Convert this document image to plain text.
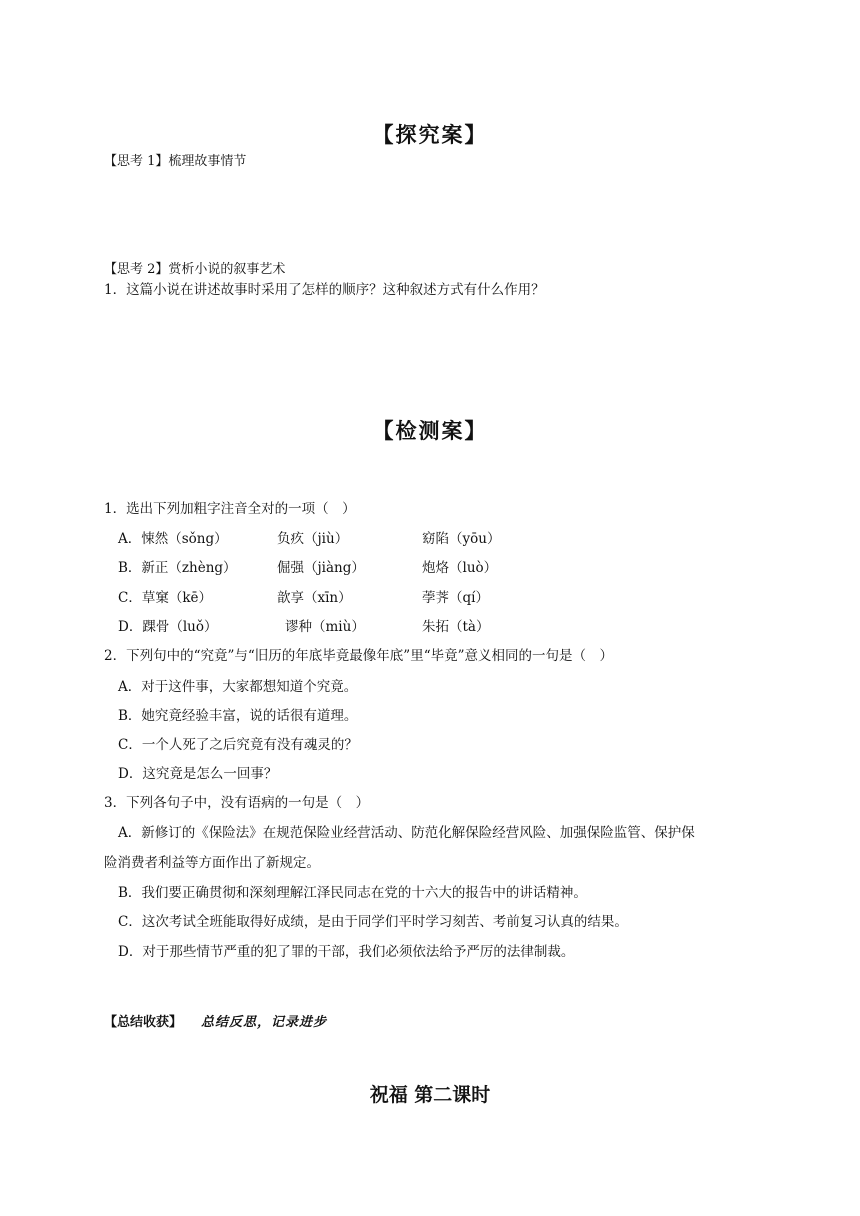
【探究案】
【思考 1】梳理故事情节
【思考 2】赏析小说的叙事艺术
1．这篇小说在讲述故事时采用了怎样的顺序？这种叙述方式有什么作用？
【检测案】
1．选出下列加粗字注音全对的一项（　）
A．悚然（sǒng）	负疚（jiù）	窈陷（yōu）
B．新正（zhèng）	倔强（jiàng）	炮烙（luò）
C．草窠（kē）	歆享（xīn）	荸荠（qí）
D．踝骨（luǒ）	谬种（miù）	朱拓（tà）
2．下列句中的“究竟”与“旧历的年底毕竟最像年底”里“毕竟”意义相同的一句是（　）
A．对于这件事，大家都想知道个究竟。
B．她究竟经验丰富，说的话很有道理。
C．一个人死了之后究竟有没有魂灵的？
D．这究竟是怎么一回事？
3．下列各句子中，没有语病的一句是（　）
A．新修订的《保险法》在规范保险业经营活动、防范化解保险经营风险、加强保险监管、保护保
险消费者利益等方面作出了新规定。
B．我们要正确贯彻和深刻理解江泽民同志在党的十六大的报告中的讲话精神。
C．这次考试全班能取得好成绩，是由于同学们平时学习刻苦、考前复习认真的结果。
D．对于那些情节严重的犯了罪的干部，我们必须依法给予严厉的法律制裁。
【总结收获】 总结反思，记录进步
祝福 第二课时
